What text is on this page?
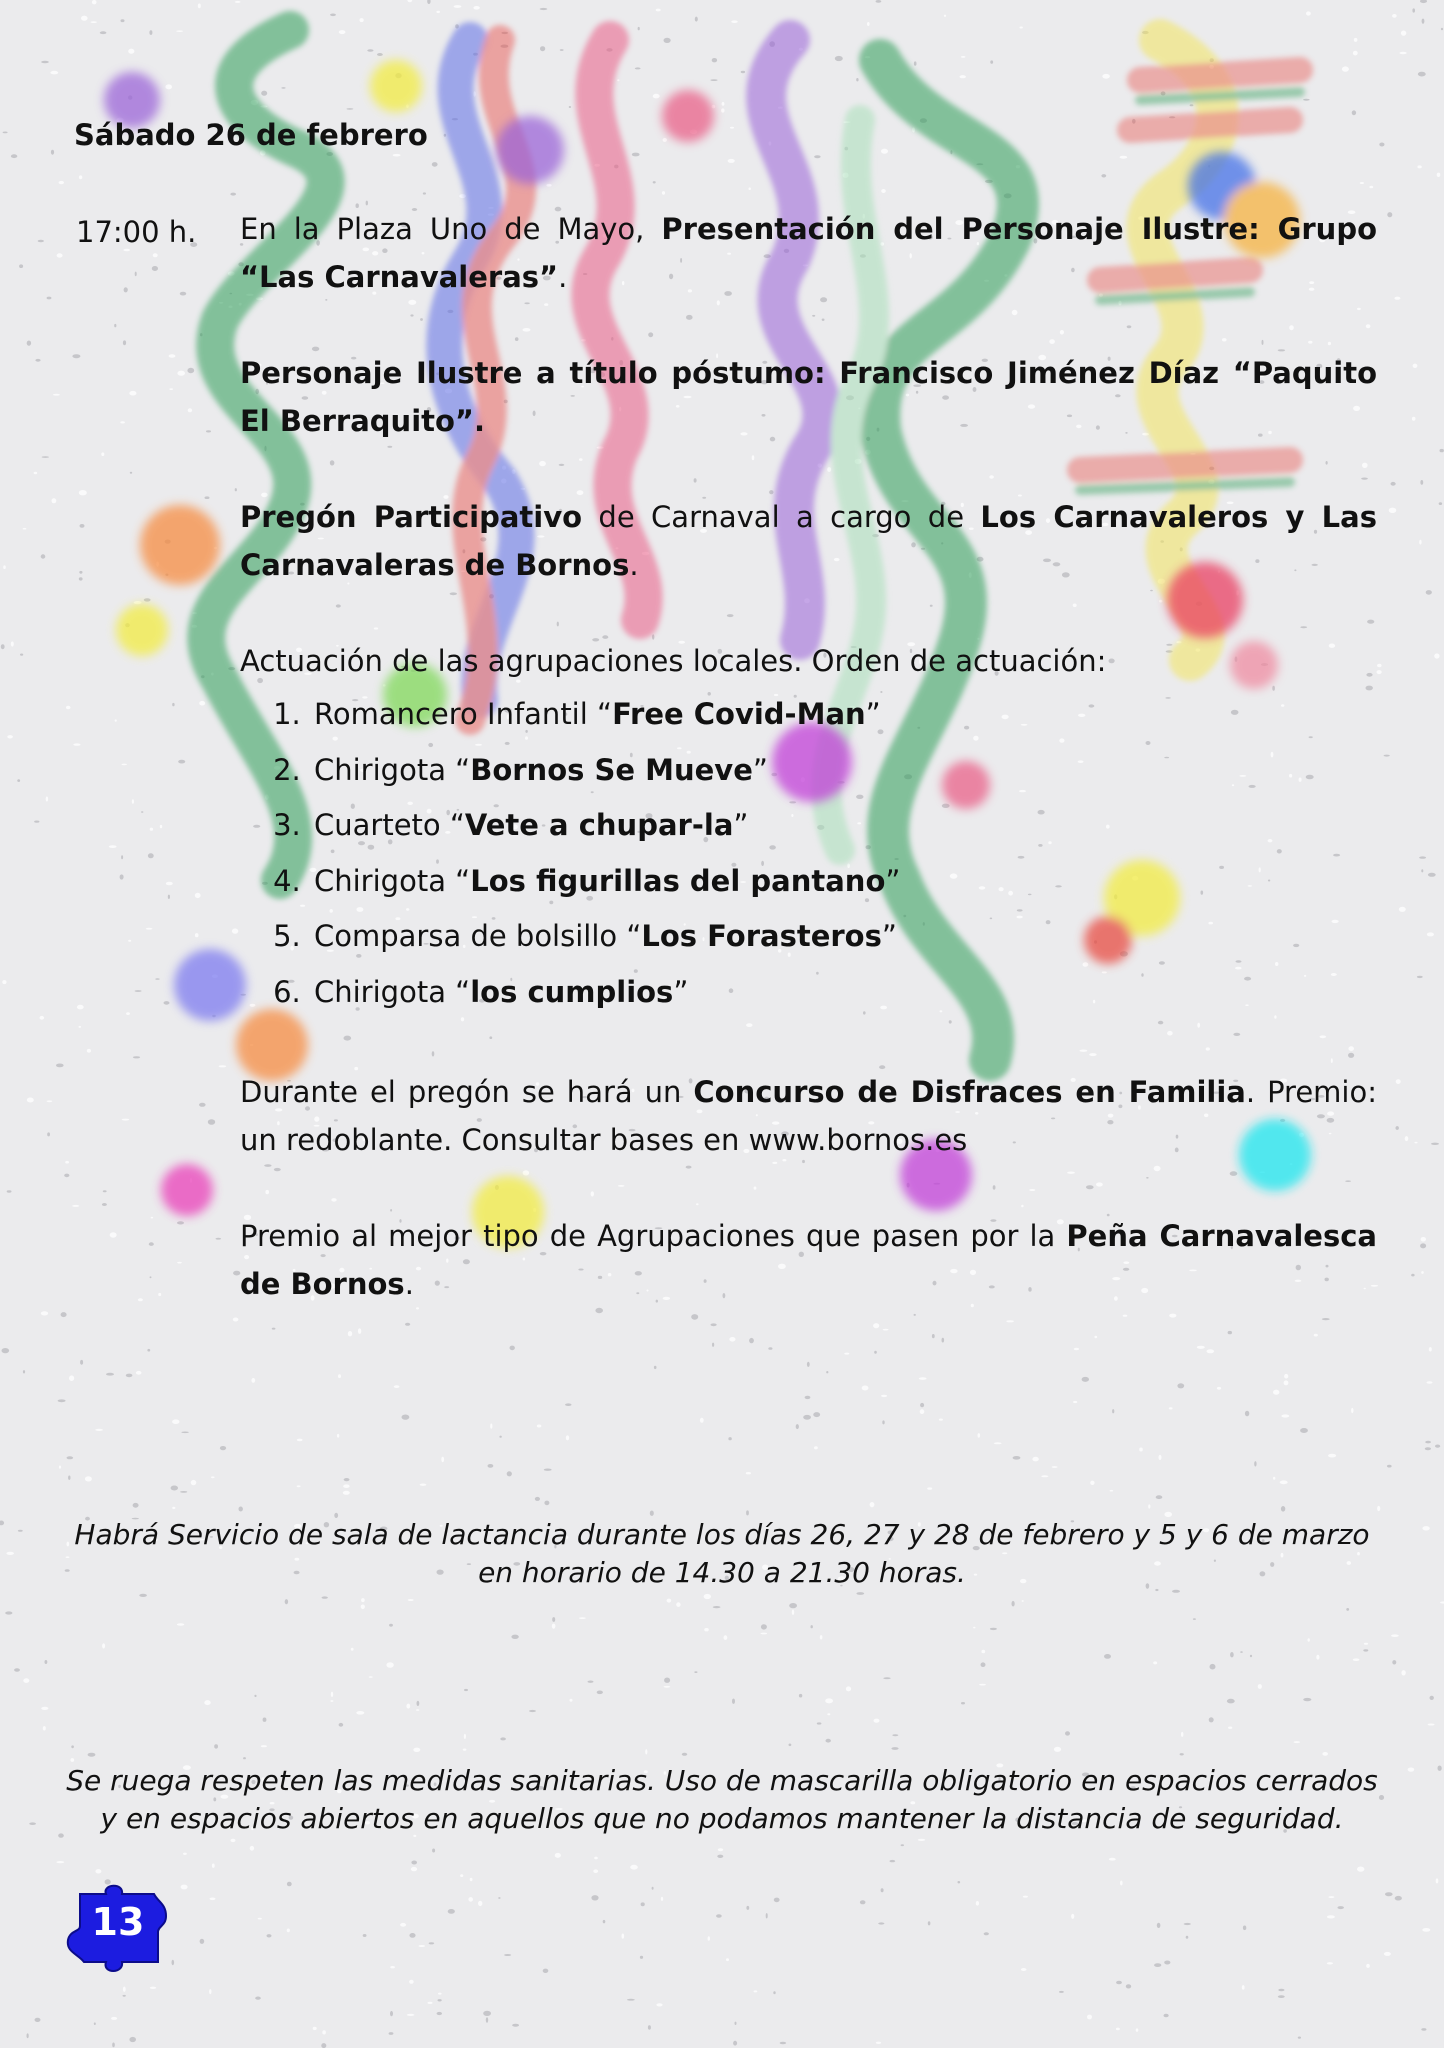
Sábado 26 de febrero
17:00 h. En la Plaza Uno de Mayo, Presentación del Personaje Ilustre: Grupo “Las Carnavaleras”.

Personaje Ilustre a título póstumo: Francisco Jiménez Díaz “Paquito El Berraquito”.

Pregón Participativo de Carnaval a cargo de Los Carnavaleros y Las Carnavaleras de Bornos.

Actuación de las agrupaciones locales. Orden de actuación:

1. Romancero Infantil “Free Covid-Man”
2. Chirigota “Bornos Se Mueve”
3. Cuarteto “Vete a chupar-la”
4. Chirigota “Los figurillas del pantano”
5. Comparsa de bolsillo “Los Forasteros”
6. Chirigota “los cumplios”

Durante el pregón se hará un Concurso de Disfraces en Familia. Premio: un redoblante. Consultar bases en www.bornos.es

Premio al mejor tipo de Agrupaciones que pasen por la Peña Carnavalesca de Bornos.

Habrá Servicio de sala de lactancia durante los días 26, 27 y 28 de febrero y 5 y 6 de marzo en horario de 14.30 a 21.30 horas.

Se ruega respeten las medidas sanitarias. Uso de mascarilla obligatorio en espacios cerrados y en espacios abiertos en aquellos que no podamos mantener la distancia de seguridad.

13
